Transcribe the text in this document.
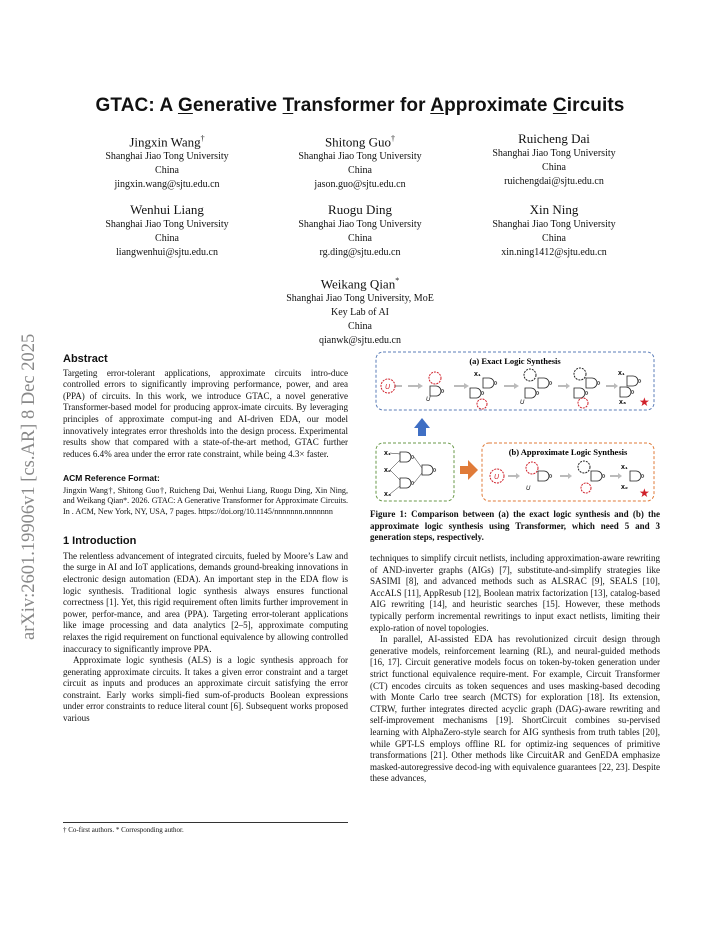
arXiv:2601.19906v1 [cs.AR] 8 Dec 2025
GTAC: A Generative Transformer for Approximate Circuits
Jingxin Wang†
Shanghai Jiao Tong University
China
jingxin.wang@sjtu.edu.cn
Shitong Guo†
Shanghai Jiao Tong University
China
jason.guo@sjtu.edu.cn
Ruicheng Dai
Shanghai Jiao Tong University
China
ruichengdai@sjtu.edu.cn
Wenhui Liang
Shanghai Jiao Tong University
China
liangwenhui@sjtu.edu.cn
Ruogu Ding
Shanghai Jiao Tong University
China
rg.ding@sjtu.edu.cn
Xin Ning
Shanghai Jiao Tong University
China
xin.ning1412@sjtu.edu.cn
Weikang Qian*
Shanghai Jiao Tong University, MoE
Key Lab of AI
China
qianwk@sjtu.edu.cn
Abstract

Targeting error-tolerant applications, approximate circuits intro-duce controlled errors to significantly improving performance, power, and area (PPA) of circuits. In this work, we introduce GTAC, a novel generative Transformer-based model for producing approx-imate circuits. By leveraging principles of approximate comput-ing and AI-driven EDA, our model innovatively integrates error thresholds into the design process. Experimental results show that compared with a state-of-the-art method, GTAC further reduces 6.4% area under the error rate constraint, while being 4.3× faster.

ACM Reference Format:

Jingxin Wang†, Shitong Guo†, Ruicheng Dai, Wenhui Liang, Ruogu Ding, Xin Ning, and Weikang Qian*. 2026. GTAC: A Generative Transformer for Approximate Circuits. In . ACM, New York, NY, USA, 7 pages. https://doi.org/10.1145/nnnnnnn.nnnnnnn

1 Introduction

The relentless advancement of integrated circuits, fueled by Moore’s Law and the surge in AI and IoT applications, demands ground-breaking innovations in electronic design automation (EDA). An important step in the EDA flow is logic synthesis. Traditional logic synthesis always ensures functional correctness [1]. Yet, this rigid requirement often limits further improvement in power, perfor-mance, and area (PPA). Targeting error-tolerant applications like image processing and data analytics [2–5], approximate computing relaxes the rigid requirement on functional equivalence by allowing controlled inaccuracy to significantly improve PPA.

Approximate logic synthesis (ALS) is a logic synthesis approach for generating approximate circuits. It takes a given error constraint and a target circuit as inputs and produces an approximate circuit satisfying the error constraint. Early works simpli-fied sum-of-products Boolean expressions under error constraints to reduce literal count [6]. Subsequent works proposed various

† Co-first authors. * Corresponding author.
(a) Exact Logic Synthesis
U
U
x₁
U
x₁
x₃ ★
x₁
x₂
x₃
(b) Approximate Logic Synthesis
U
U
x₁
x₂ ★
Figure 1: Comparison between (a) the exact logic synthesis and (b) the approximate logic synthesis using Transformer, which need 5 and 3 generation steps, respectively.

techniques to simplify circuit netlists, including approximation-aware rewriting of AND-inverter graphs (AIGs) [7], substitute-and-simplify strategies like SASIMI [8], and advanced methods such as ALSRAC [9], SEALS [10], AccALS [11], AppResub [12], Boolean matrix factorization [13], catalog-based AIG rewriting [14], and heuristic searches [15]. However, these methods typically perform incremental rewritings to input exact netlists, limiting their explo-ration of novel topologies.

In parallel, AI-assisted EDA has revolutionized circuit design through generative models, reinforcement learning (RL), and neural-guided methods [16, 17]. Circuit generative models focus on token-by-token generation under strict functional equivalence require-ment. For example, Circuit Transformer (CT) encodes circuits as token sequences and uses masking-based decoding with Monte Carlo tree search (MCTS) for exploration [18]. Its extension, CTRW, further integrates directed acyclic graph (DAG)-aware rewriting and self-improvement mechanisms [19]. ShortCircuit combines su-pervised learning with AlphaZero-style search for AIG synthesis from truth tables [20], while GPT-LS employs offline RL for optimiz-ing sequences of primitive transformations [21]. Other methods like CircuitAR and GenEDA emphasize masked-autoregressive decod-ing with equivalence guarantees [22, 23]. Despite these advances,
